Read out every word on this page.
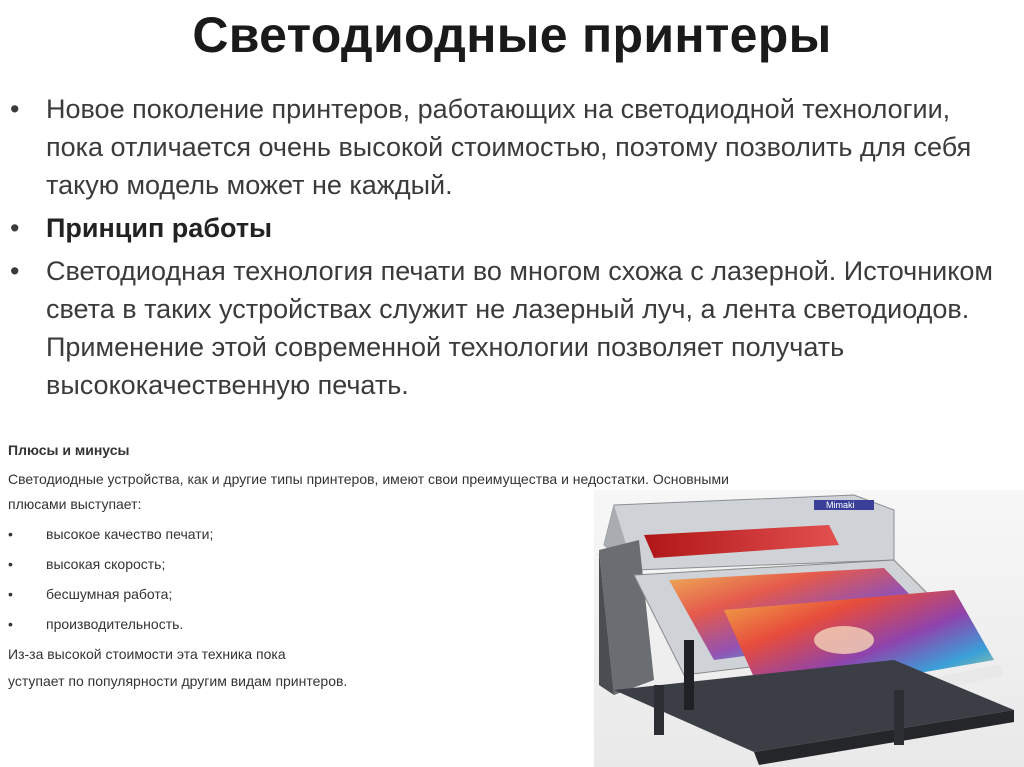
Светодиодные принтеры
• Новое поколение принтеров, работающих на светодиодной технологии, пока отличается очень высокой стоимостью, поэтому позволить для себя такую модель может не каждый.
• Принцип работы
• Светодиодная технология печати во многом схожа с лазерной. Источником света в таких устройствах служит не лазерный луч, а лента светодиодов. Применение этой современной технологии позволяет получать высококачественную печать.
Плюсы и минусы
Светодиодные устройства, как и другие типы принтеров, имеют свои преимущества и недостатки. Основными
плюсами выступает:
• высокое качество печати;
• высокая скорость;
• бесшумная работа;
• производительность.
Из-за высокой стоимости эта техника пока
уступает по популярности другим видам принтеров.
Mimaki
